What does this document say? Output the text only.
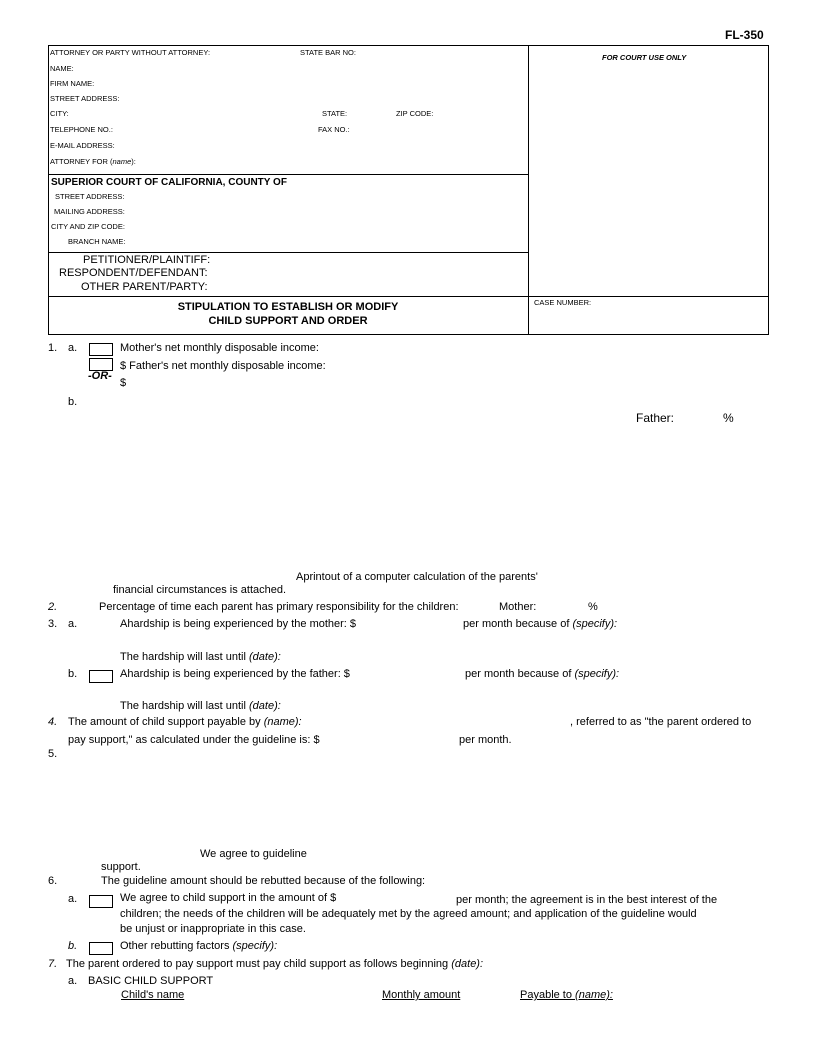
FL-350
ATTORNEY OR PARTY WITHOUT ATTORNEY:	STATE BAR NO:
NAME:
FIRM NAME:
STREET ADDRESS:
CITY:	STATE:	ZIP CODE:
TELEPHONE NO.:	FAX NO.:
E-MAIL ADDRESS:
ATTORNEY FOR (name):
FOR COURT USE ONLY
SUPERIOR COURT OF CALIFORNIA, COUNTY OF
STREET ADDRESS:
MAILING ADDRESS:
CITY AND ZIP CODE:
BRANCH NAME:
PETITIONER/PLAINTIFF:
RESPONDENT/DEFENDANT:
OTHER PARENT/PARTY:
STIPULATION TO ESTABLISH OR MODIFY
CHILD SUPPORT AND ORDER
CASE NUMBER:
1. a.	Mother's net monthly disposable income:
$ Father's net monthly disposable income:
-OR-
$
b.
Father:	%
Aprintout of a computer calculation of the parents'
financial circumstances is attached.
2.	Percentage of time each parent has primary responsibility for the children:	Mother:	%
3. a.	Ahardship is being experienced by the mother: $	per month because of (specify):
The hardship will last until (date):
b.	Ahardship is being experienced by the father: $	per month because of (specify):
The hardship will last until (date):
4. The amount of child support payable by (name):	, referred to as "the parent ordered to
pay support," as calculated under the guideline is: $	per month.
5.
We agree to guideline
support.
6.	The guideline amount should be rebutted because of the following:
a.	We agree to child support in the amount of $	per month; the agreement is in the best interest of the
children; the needs of the children will be adequately met by the agreed amount; and application of the guideline would
be unjust or inappropriate in this case.
b.	Other rebutting factors (specify):
7. The parent ordered to pay support must pay child support as follows beginning (date):
a. BASIC CHILD SUPPORT
Child's name	Monthly amount	Payable to (name):
